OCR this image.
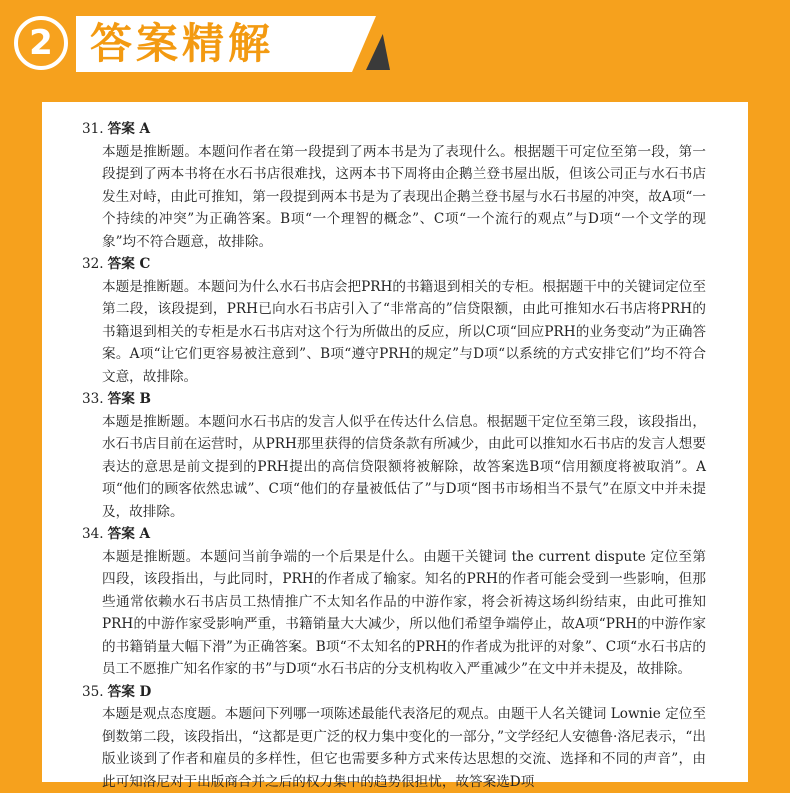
2 答案精解
31. 答案 A
本题是推断题。本题问作者在第一段提到了两本书是为了表现什么。根据题干可定位至第一段，第一段提到了两本书将在水石书店很难找，这两本书下周将由企鹅兰登书屋出版，但该公司正与水石书店发生对峙，由此可推知，第一段提到两本书是为了表现出企鹅兰登书屋与水石书屋的冲突，故A项“一个持续的冲突”为正确答案。B项“一个理智的概念”、C项“一个流行的观点”与D项“一个文学的现象”均不符合题意，故排除。
32. 答案 C
本题是推断题。本题问为什么水石书店会把PRH的书籍退到相关的专柜。根据题干中的关键词定位至第二段，该段提到，PRH已向水石书店引入了“非常高的”信贷限额，由此可推知水石书店将PRH的书籍退到相关的专柜是水石书店对这个行为所做出的反应，所以C项“回应PRH的业务变动”为正确答案。A项“让它们更容易被注意到”、B项“遵守PRH的规定”与D项“以系统的方式安排它们”均不符合文意，故排除。
33. 答案 B
本题是推断题。本题问水石书店的发言人似乎在传达什么信息。根据题干定位至第三段，该段指出，水石书店目前在运营时，从PRH那里获得的信贷条款有所减少，由此可以推知水石书店的发言人想要表达的意思是前文提到的PRH提出的高信贷限额将被解除，故答案选B项“信用额度将被取消”。A项“他们的顾客依然忠诚”、C项“他们的存量被低估了”与D项“图书市场相当不景气”在原文中并未提及，故排除。
34. 答案 A
本题是推断题。本题问当前争端的一个后果是什么。由题干关键词 the current dispute 定位至第四段，该段指出，与此同时，PRH的作者成了输家。知名的PRH的作者可能会受到一些影响，但那些通常依赖水石书店员工热情推广不太知名作品的中游作家，将会祈祷这场纠纷结束，由此可推知PRH的中游作家受影响严重，书籍销量大大减少，所以他们希望争端停止，故A项“PRH的中游作家的书籍销量大幅下滑”为正确答案。B项“不太知名的PRH的作者成为批评的对象”、C项“水石书店的员工不愿推广知名作家的书”与D项“水石书店的分支机构收入严重减少”在文中并未提及，故排除。
35. 答案 D
本题是观点态度题。本题问下列哪一项陈述最能代表洛尼的观点。由题干人名关键词 Lownie 定位至倒数第二段，该段指出，“这都是更广泛的权力集中变化的一部分，”文学经纪人安德鲁·洛尼表示，“出版业谈到了作者和雇员的多样性，但它也需要多种方式来传达思想的交流、选择和不同的声音”，由此可知洛尼对于出版商合并之后的权力集中的趋势很担忧，故答案选D项
